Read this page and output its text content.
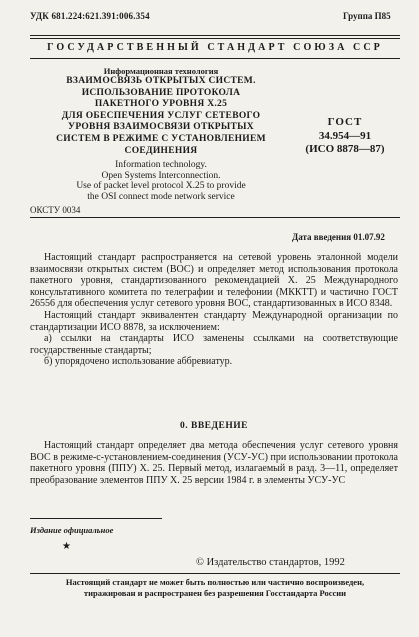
УДК 681.224:621.391:006.354	Группа П85
ГОСУДАРСТВЕННЫЙ СТАНДАРТ СОЮЗА ССР
Информационная технология
ВЗАИМОСВЯЗЬ ОТКРЫТЫХ СИСТЕМ.
ИСПОЛЬЗОВАНИЕ ПРОТОКОЛА
ПАКЕТНОГО УРОВНЯ X.25
ДЛЯ ОБЕСПЕЧЕНИЯ УСЛУГ СЕТЕВОГО
УРОВНЯ ВЗАИМОСВЯЗИ ОТКРЫТЫХ
СИСТЕМ В РЕЖИМЕ С УСТАНОВЛЕНИЕМ
СОЕДИНЕНИЯ
Information technology.
Open Systems Interconnection.
Use of packet level protocol X.25 to provide
the OSI connect mode network service
ОКСТУ 0034
ГОСТ
34.954—91
(ИСО 8878—87)
Дата введения 01.07.92

Настоящий стандарт распространяется на сетевой уровень эталонной модели взаимосвязи открытых систем (ВОС) и определяет метод использования протокола пакетного уровня, стандартизованного рекомендацией X. 25 Международного консультативного комитета по телеграфии и телефонии (МККТТ) и частично ГОСТ 26556 для обеспечения услуг сетевого уровня ВОС, стандартизованных в ИСО 8348.

Настоящий стандарт эквивалентен стандарту Международной организации по стандартизации ИСО 8878, за исключением:

а) ссылки на стандарты ИСО заменены ссылками на соответствующие государственные стандарты;

б) упорядочено использование аббревиатур.

0. ВВЕДЕНИЕ

Настоящий стандарт определяет два метода обеспечения услуг сетевого уровня ВОС в режиме-с-установлением-соединения (УСУ-УС) при использовании протокола пакетного уровня (ППУ) X. 25. Первый метод, излагаемый в разд. 3—11, определяет преобразование элементов ППУ X. 25 версии 1984 г. в элементы УСУ-УС

Издание официальное
★
© Издательство стандартов, 1992
Настоящий стандарт не может быть полностью или частично воспроизведен,
тиражирован и распространен без разрешения Госстандарта России
